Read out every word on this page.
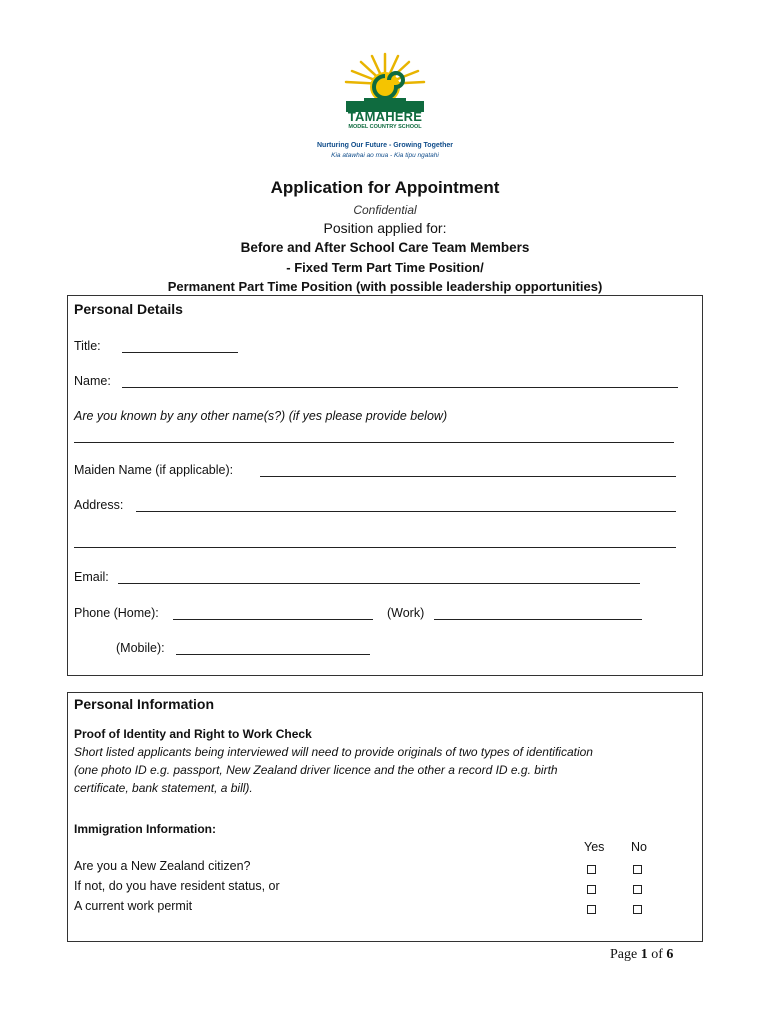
TAMAHERE
MODEL COUNTRY SCHOOL
Nurturing Our Future - Growing Together
Kia atawhai ao mua - Kia tipu ngatahi
Application for Appointment
Confidential
Position applied for:
Before and After School Care Team Members
- Fixed Term Part Time Position/
Permanent Part Time Position (with possible leadership opportunities)
Personal Details
Title:
Name:
Are you known by any other name(s?) (if yes please provide below)
Maiden Name (if applicable):
Address:
Email:
Phone (Home):	(Work)
(Mobile):
Personal Information
Proof of Identity and Right to Work Check
Short listed applicants being interviewed will need to provide originals of two types of identification
(one photo ID e.g. passport, New Zealand driver licence and the other a record ID e.g. birth
certificate, bank statement, a bill).
Immigration Information:
Yes No
Are you a New Zealand citizen?
If not, do you have resident status, or
A current work permit
Page 1 of 6
